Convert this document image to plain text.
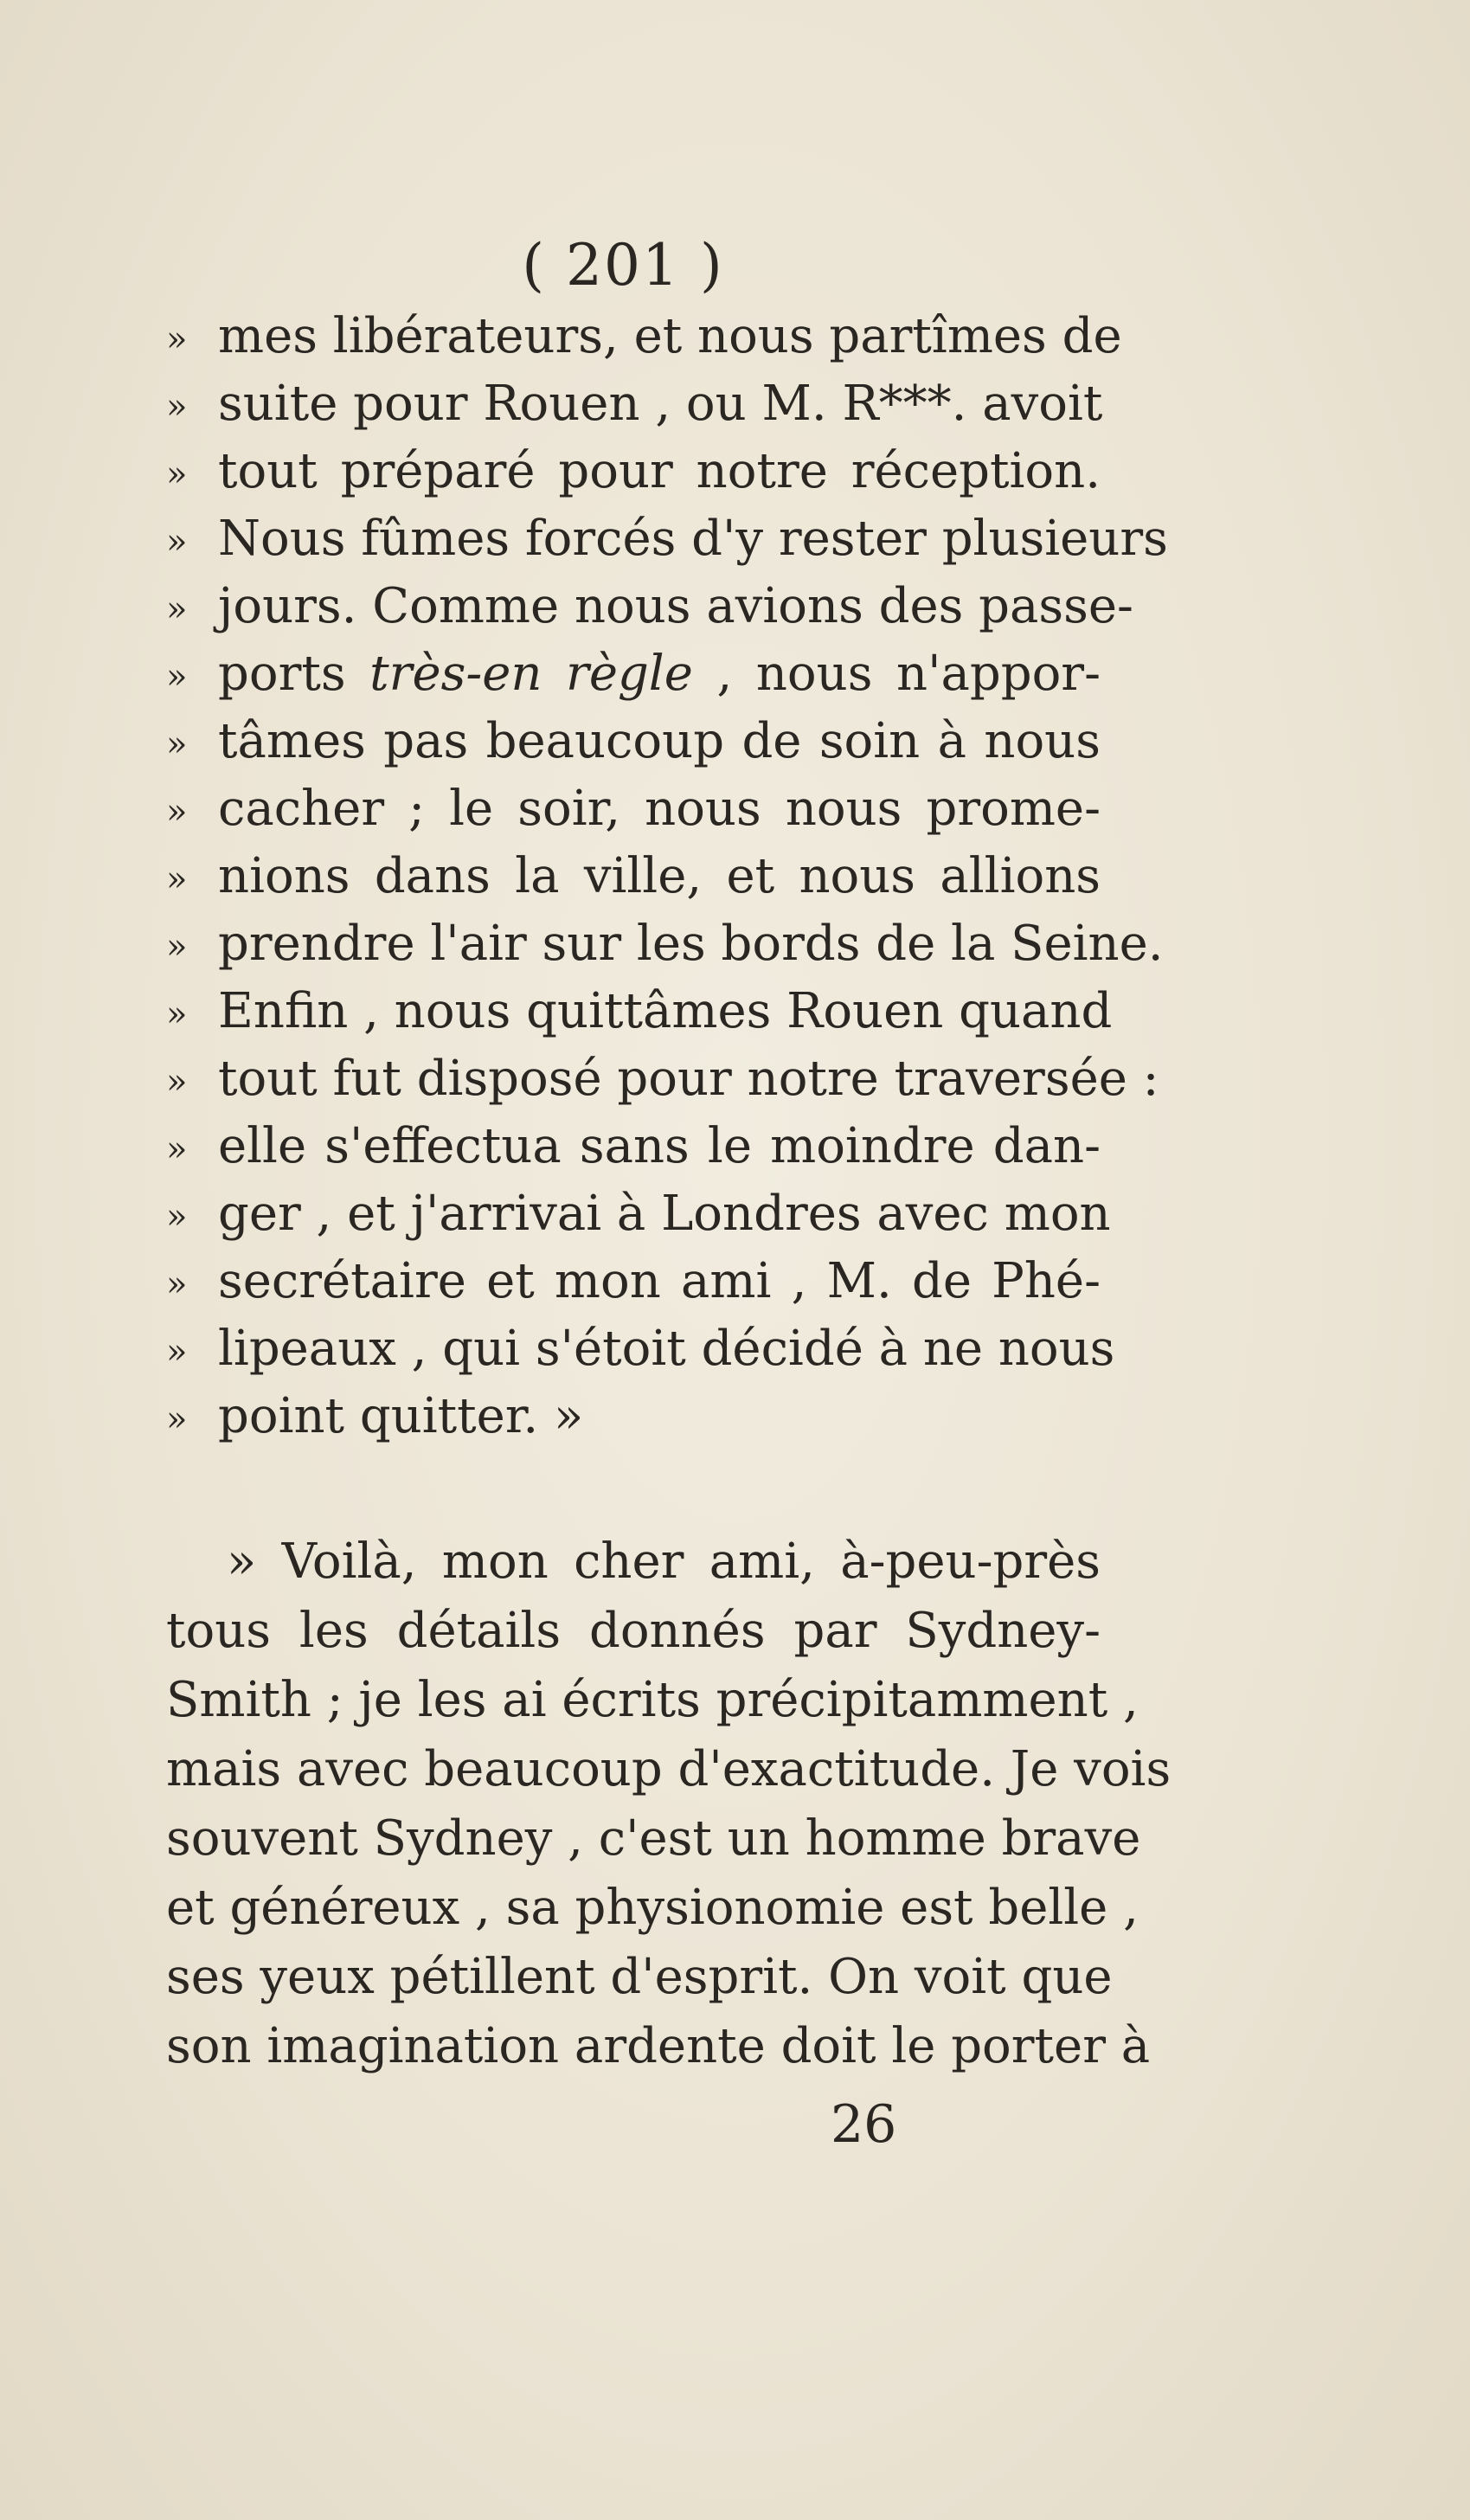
( 201 )
» mes libérateurs, et nous partîmes de
» suite pour Rouen , ou M. R***. avoit
» tout préparé pour notre réception.
» Nous fûmes forcés d'y rester plusieurs
» jours. Comme nous avions des passe-
» ports très-en règle , nous n'appor-
» tâmes pas beaucoup de soin à nous
» cacher ; le soir, nous nous prome-
» nions dans la ville, et nous allions
» prendre l'air sur les bords de la Seine.
» Enfin , nous quittâmes Rouen quand
» tout fut disposé pour notre traversée :
» elle s'effectua sans le moindre dan-
» ger , et j'arrivai à Londres avec mon
» secrétaire et mon ami , M. de Phé-
» lipeaux , qui s'étoit décidé à ne nous
» point quitter. »
» Voilà, mon cher ami, à-peu-près
tous les détails donnés par Sydney-
Smith ; je les ai écrits précipitamment ,
mais avec beaucoup d'exactitude. Je vois
souvent Sydney , c'est un homme brave
et généreux , sa physionomie est belle ,
ses yeux pétillent d'esprit. On voit que
son imagination ardente doit le porter à
26
